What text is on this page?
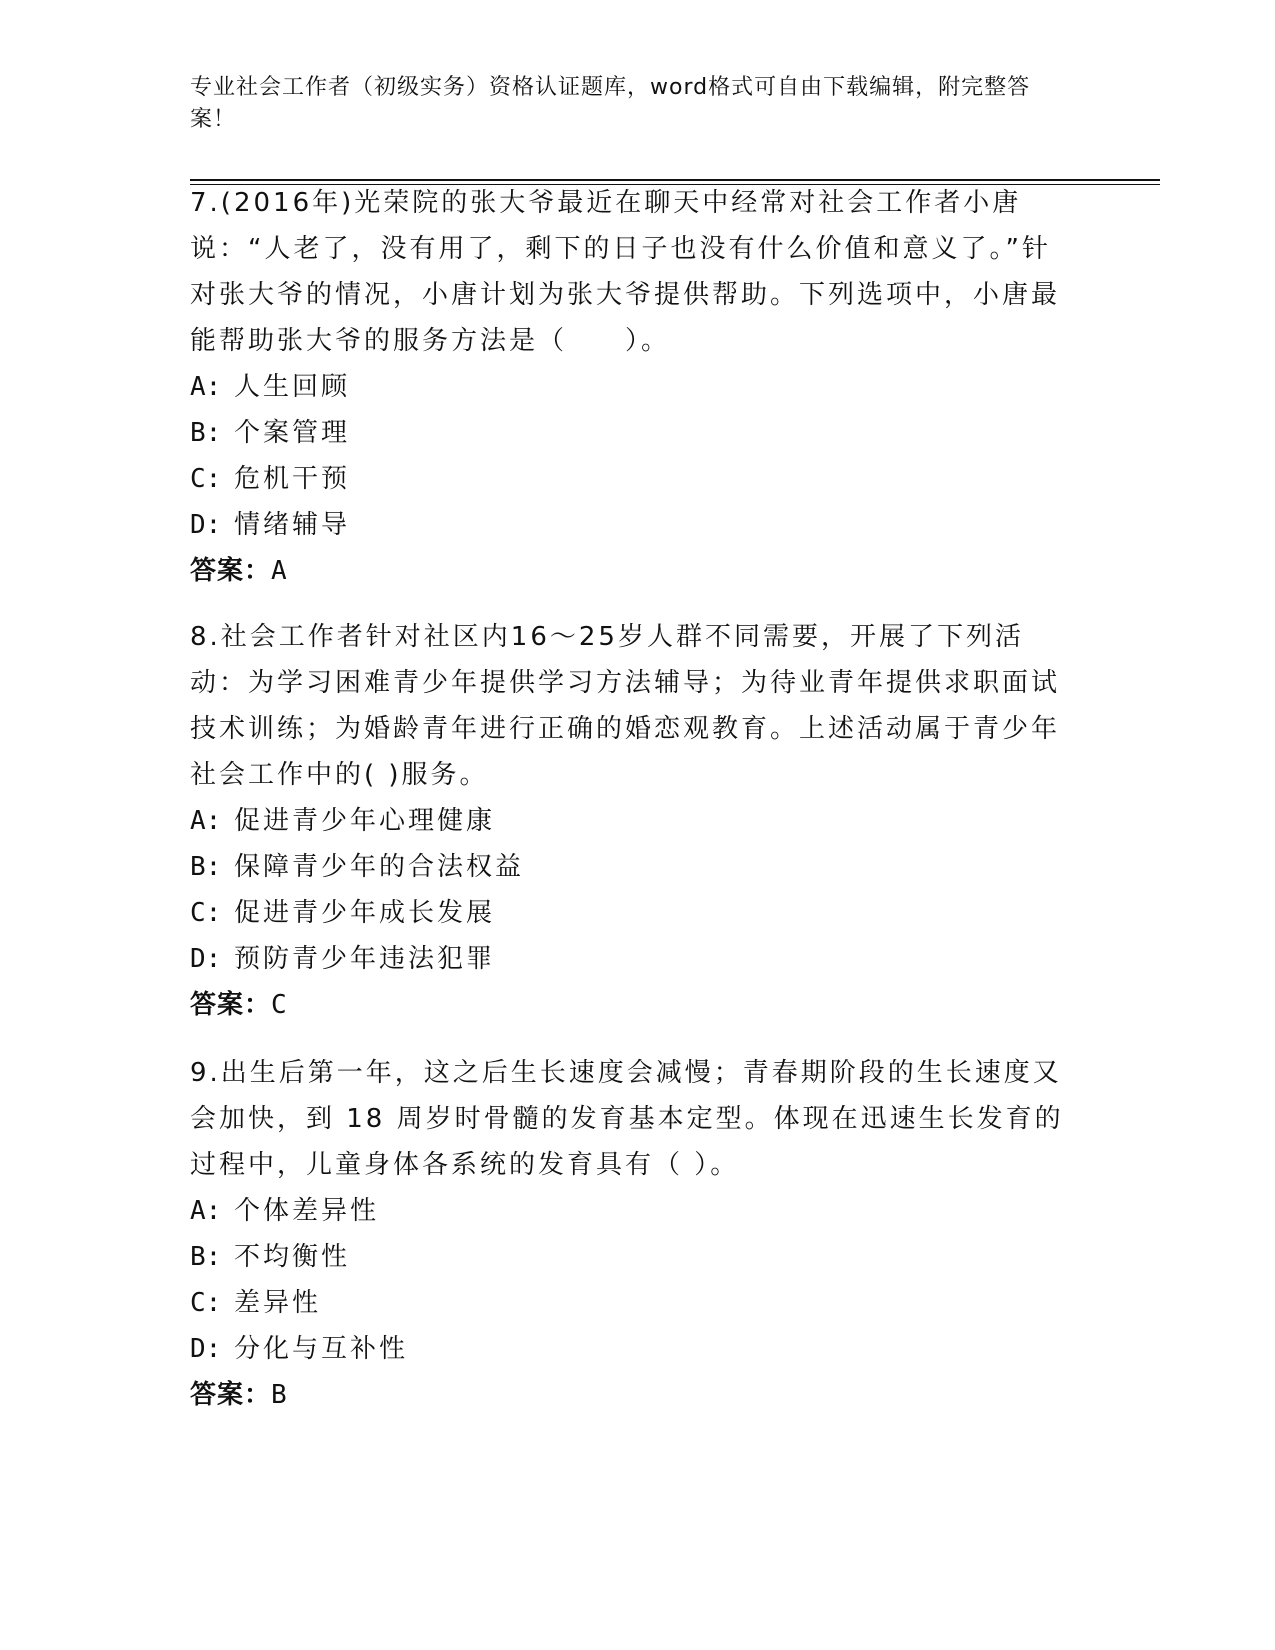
专业社会工作者（初级实务）资格认证题库，word格式可自由下载编辑，附完整答案！

7.(2016年)光荣院的张大爷最近在聊天中经常对社会工作者小唐说：“人老了，没有用了，剩下的日子也没有什么价值和意义了。”针对张大爷的情况，小唐计划为张大爷提供帮助。下列选项中，小唐最能帮助张大爷的服务方法是（　　）。

A: 人生回顾
B: 个案管理
C: 危机干预
D: 情绪辅导

答案：A

8.社会工作者针对社区内16～25岁人群不同需要，开展了下列活动：为学习困难青少年提供学习方法辅导；为待业青年提供求职面试技术训练；为婚龄青年进行正确的婚恋观教育。上述活动属于青少年社会工作中的( )服务。

A: 促进青少年心理健康
B: 保障青少年的合法权益
C: 促进青少年成长发展
D: 预防青少年违法犯罪

答案：C

9.出生后第一年，这之后生长速度会减慢；青春期阶段的生长速度又会加快，到 18 周岁时骨髓的发育基本定型。体现在迅速生长发育的过程中，儿童身体各系统的发育具有（ ）。

A: 个体差异性
B: 不均衡性
C: 差异性
D: 分化与互补性

答案：B
